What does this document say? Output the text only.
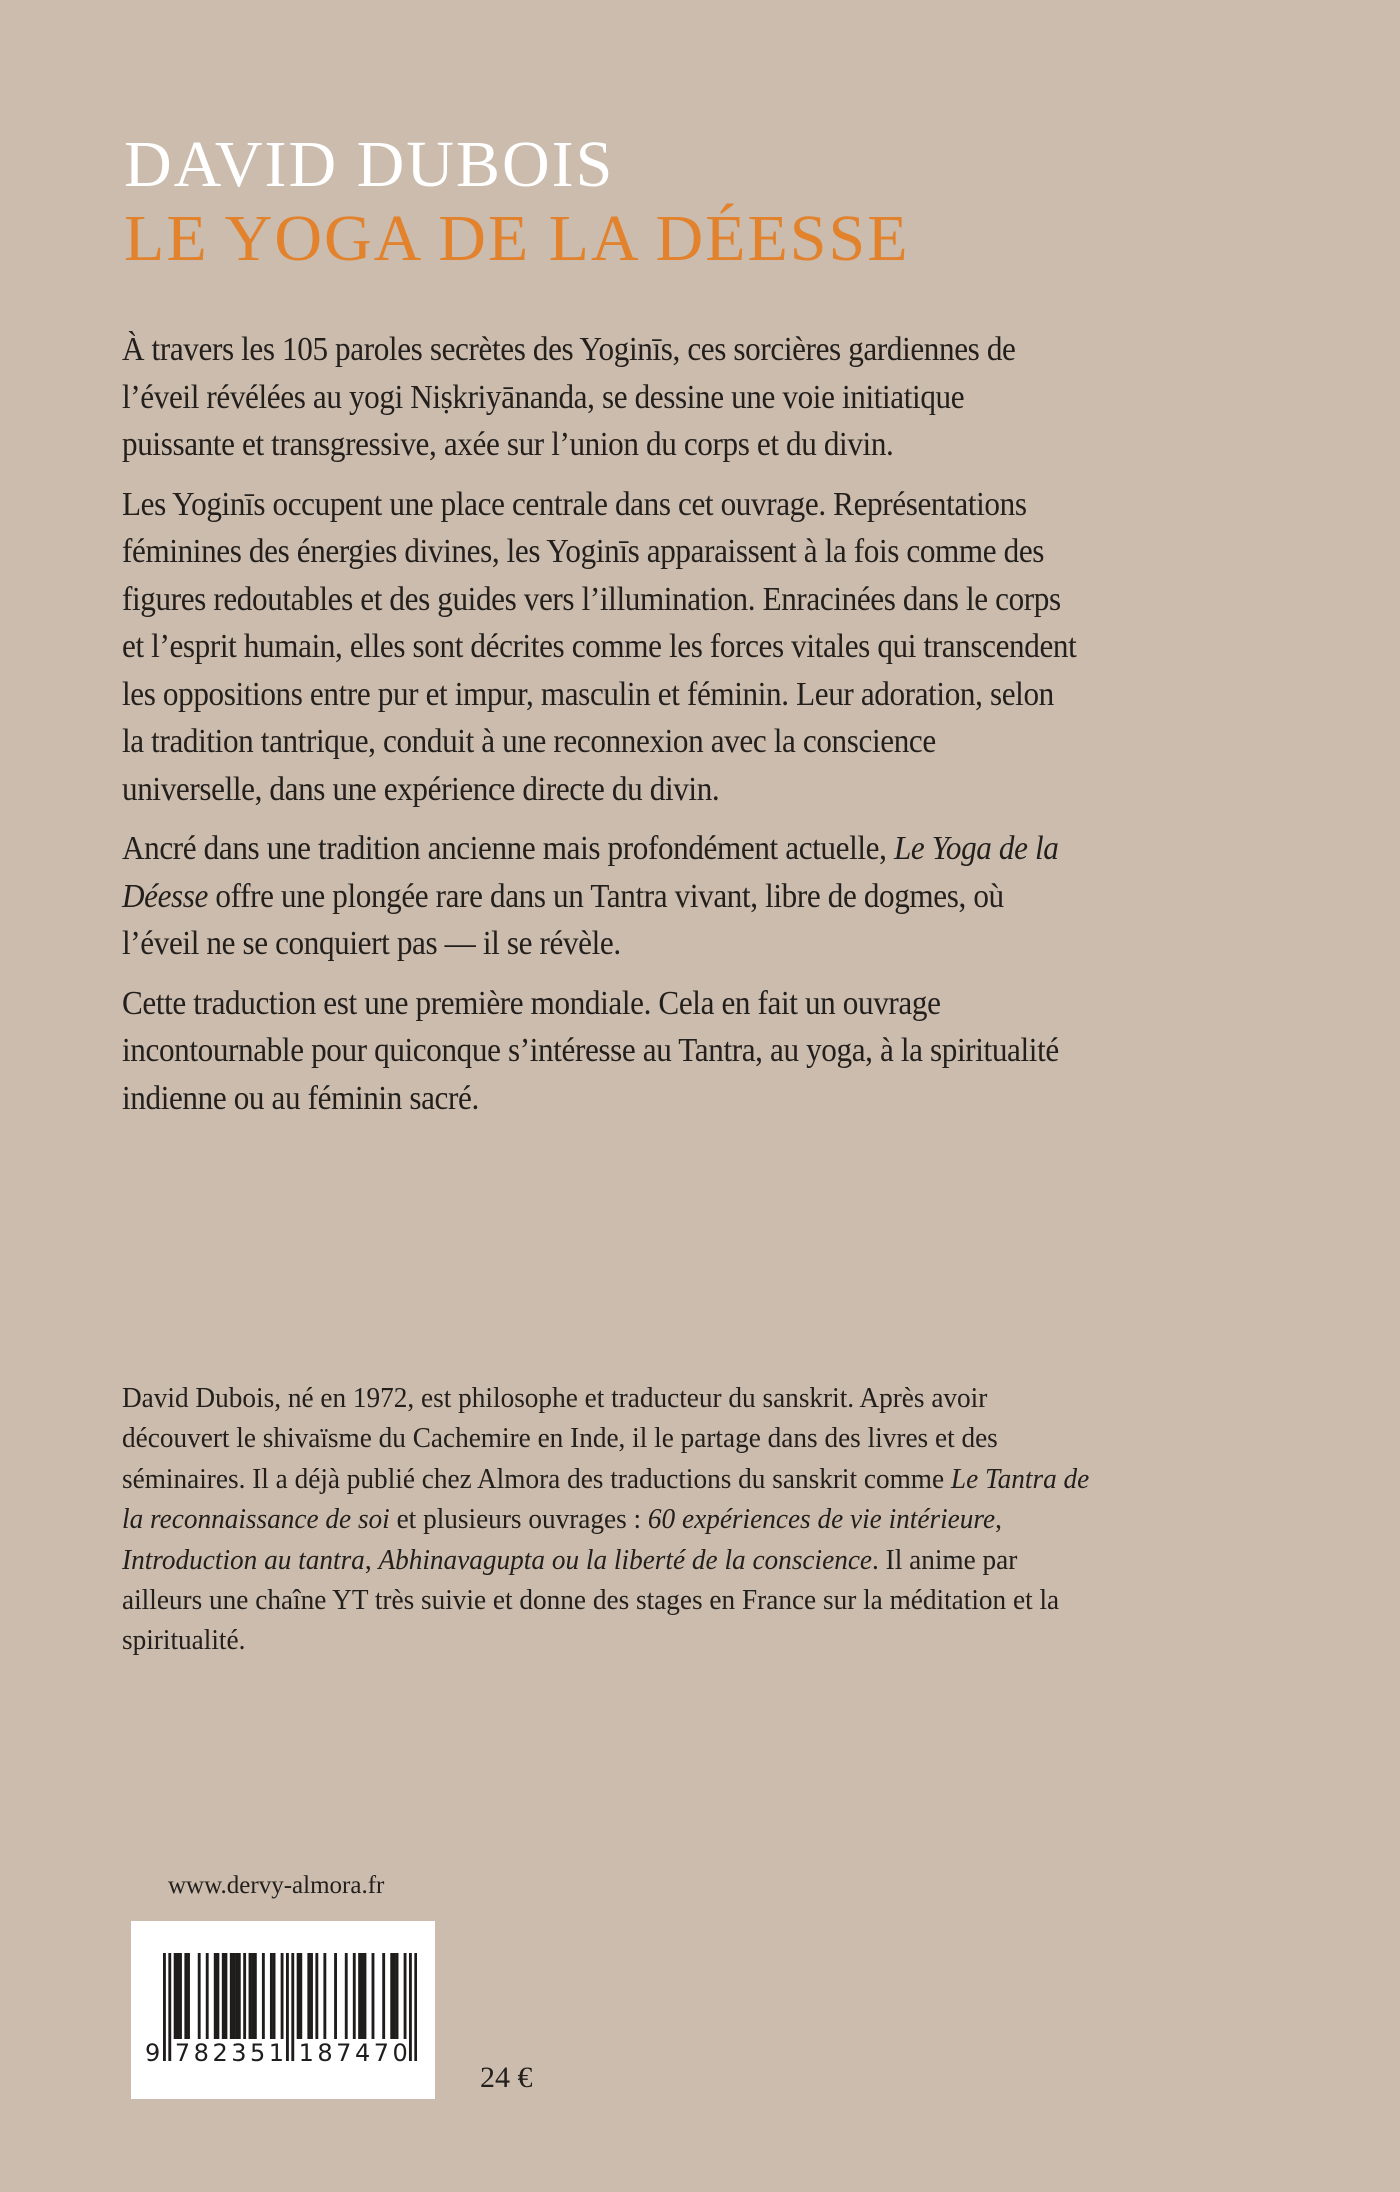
DAVID DUBOIS
LE YOGA DE LA DÉESSE

À travers les 105 paroles secrètes des Yoginīs, ces sorcières gardiennes de l’éveil révélées au yogi Niṣkriyānanda, se dessine une voie initiatique puissante et transgressive, axée sur l’union du corps et du divin.

Les Yoginīs occupent une place centrale dans cet ouvrage. Représentations féminines des énergies divines, les Yoginīs apparaissent à la fois comme des figures redoutables et des guides vers l’illumination. Enracinées dans le corps et l’esprit humain, elles sont décrites comme les forces vitales qui transcendent les oppositions entre pur et impur, masculin et féminin. Leur adoration, selon la tradition tantrique, conduit à une reconnexion avec la conscience universelle, dans une expérience directe du divin.

Ancré dans une tradition ancienne mais profondément actuelle, Le Yoga de la Déesse offre une plongée rare dans un Tantra vivant, libre de dogmes, où l’éveil ne se conquiert pas — il se révèle.

Cette traduction est une première mondiale. Cela en fait un ouvrage incontournable pour quiconque s’intéresse au Tantra, au yoga, à la spiritualité indienne ou au féminin sacré.

David Dubois, né en 1972, est philosophe et traducteur du sanskrit. Après avoir découvert le shivaïsme du Cachemire en Inde, il le partage dans des livres et des séminaires. Il a déjà publié chez Almora des traductions du sanskrit comme Le Tantra de la reconnaissance de soi et plusieurs ouvrages : 60 expériences de vie intérieure, Introduction au tantra, Abhinavagupta ou la liberté de la conscience. Il anime par ailleurs une chaîne YT très suivie et donne des stages en France sur la méditation et la spiritualité.

www.dervy-almora.fr
9 782351 187470
24 €
